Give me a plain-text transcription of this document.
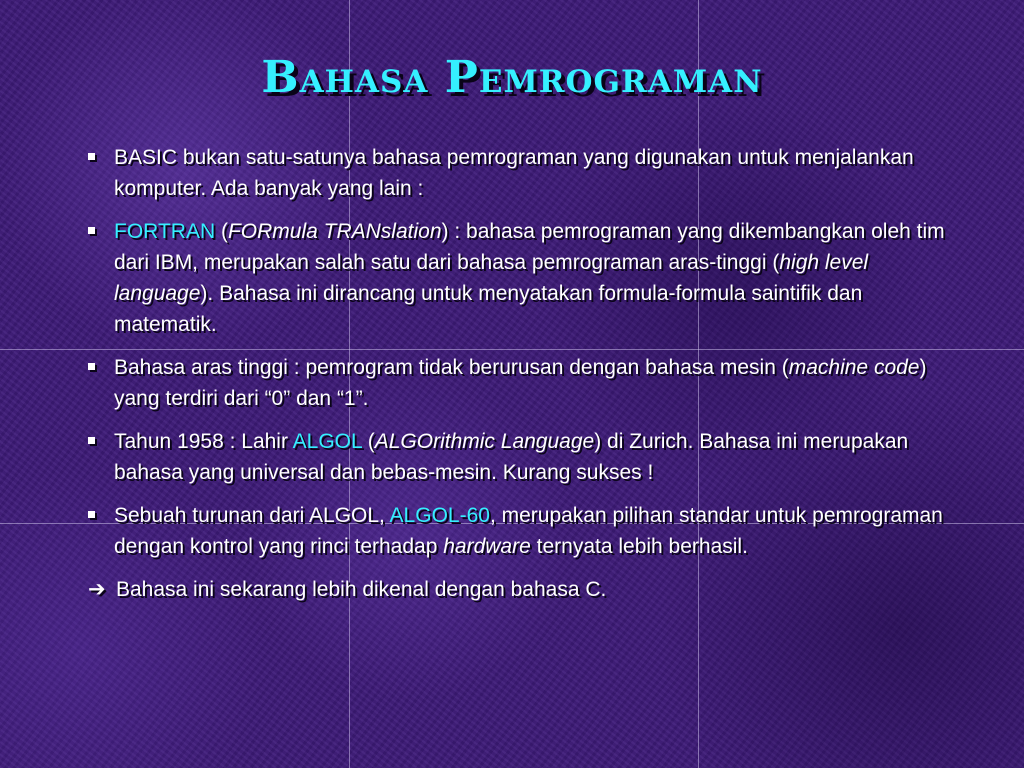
Bahasa Pemrograman
BASIC bukan satu-satunya bahasa pemrograman yang digunakan untuk menjalankan komputer. Ada banyak yang lain :
FORTRAN (FORmula TRANslation) : bahasa pemrograman yang dikembangkan oleh tim dari IBM, merupakan salah satu dari bahasa pemrograman aras-tinggi (high level language). Bahasa ini dirancang untuk menyatakan formula-formula saintifik dan matematik.
Bahasa aras tinggi : pemrogram tidak berurusan dengan bahasa mesin (machine code) yang terdiri dari “0” dan “1”.
Tahun 1958 : Lahir ALGOL (ALGOrithmic Language) di Zurich. Bahasa ini merupakan bahasa yang universal dan bebas-mesin. Kurang sukses !
Sebuah turunan dari ALGOL, ALGOL-60, merupakan pilihan standar untuk pemrograman dengan kontrol yang rinci terhadap hardware ternyata lebih berhasil.
➔ Bahasa ini sekarang lebih dikenal dengan bahasa C.
